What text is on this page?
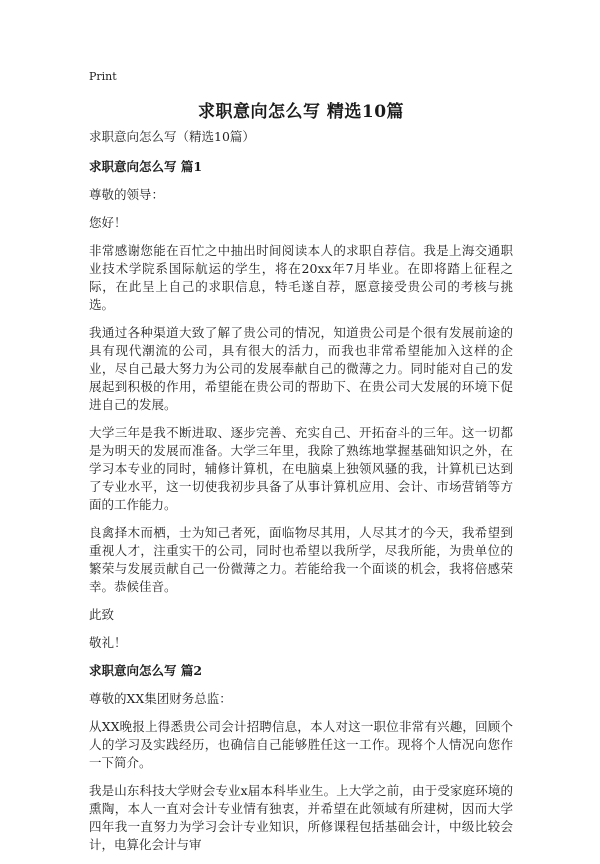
Print
求职意向怎么写 精选10篇
求职意向怎么写（精选10篇）
求职意向怎么写 篇1
尊敬的领导：
您好！
非常感谢您能在百忙之中抽出时间阅读本人的求职自荐信。我是上海交通职业技术学院系国际航运的学生，将在20xx年7月毕业。在即将踏上征程之际，在此呈上自己的求职信息，特毛遂自荐，愿意接受贵公司的考核与挑选。
我通过各种渠道大致了解了贵公司的情况，知道贵公司是个很有发展前途的具有现代潮流的公司，具有很大的活力，而我也非常希望能加入这样的企业，尽自己最大努力为公司的发展奉献自己的微薄之力。同时能对自己的发展起到积极的作用，希望能在贵公司的帮助下、在贵公司大发展的环境下促进自己的发展。
大学三年是我不断进取、逐步完善、充实自己、开拓奋斗的三年。这一切都是为明天的发展而准备。大学三年里，我除了熟练地掌握基础知识之外，在学习本专业的同时，辅修计算机，在电脑桌上独领风骚的我，计算机已达到了专业水平，这一切使我初步具备了从事计算机应用、会计、市场营销等方面的工作能力。
良禽择木而栖，士为知己者死，面临物尽其用，人尽其才的今天，我希望到重视人才，注重实干的公司，同时也希望以我所学，尽我所能，为贵单位的繁荣与发展贡献自己一份微薄之力。若能给我一个面谈的机会，我将倍感荣幸。恭候佳音。
此致
敬礼！
求职意向怎么写 篇2
尊敬的XX集团财务总监：
从XX晚报上得悉贵公司会计招聘信息，本人对这一职位非常有兴趣，回顾个人的学习及实践经历，也确信自己能够胜任这一工作。现将个人情况向您作一下简介。
我是山东科技大学财会专业x届本科毕业生。上大学之前，由于受家庭环境的熏陶，本人一直对会计专业情有独衷，并希望在此领域有所建树，因而大学四年我一直努力为学习会计专业知识，所修课程包括基础会计，中级比较会计，电算化会计与审
